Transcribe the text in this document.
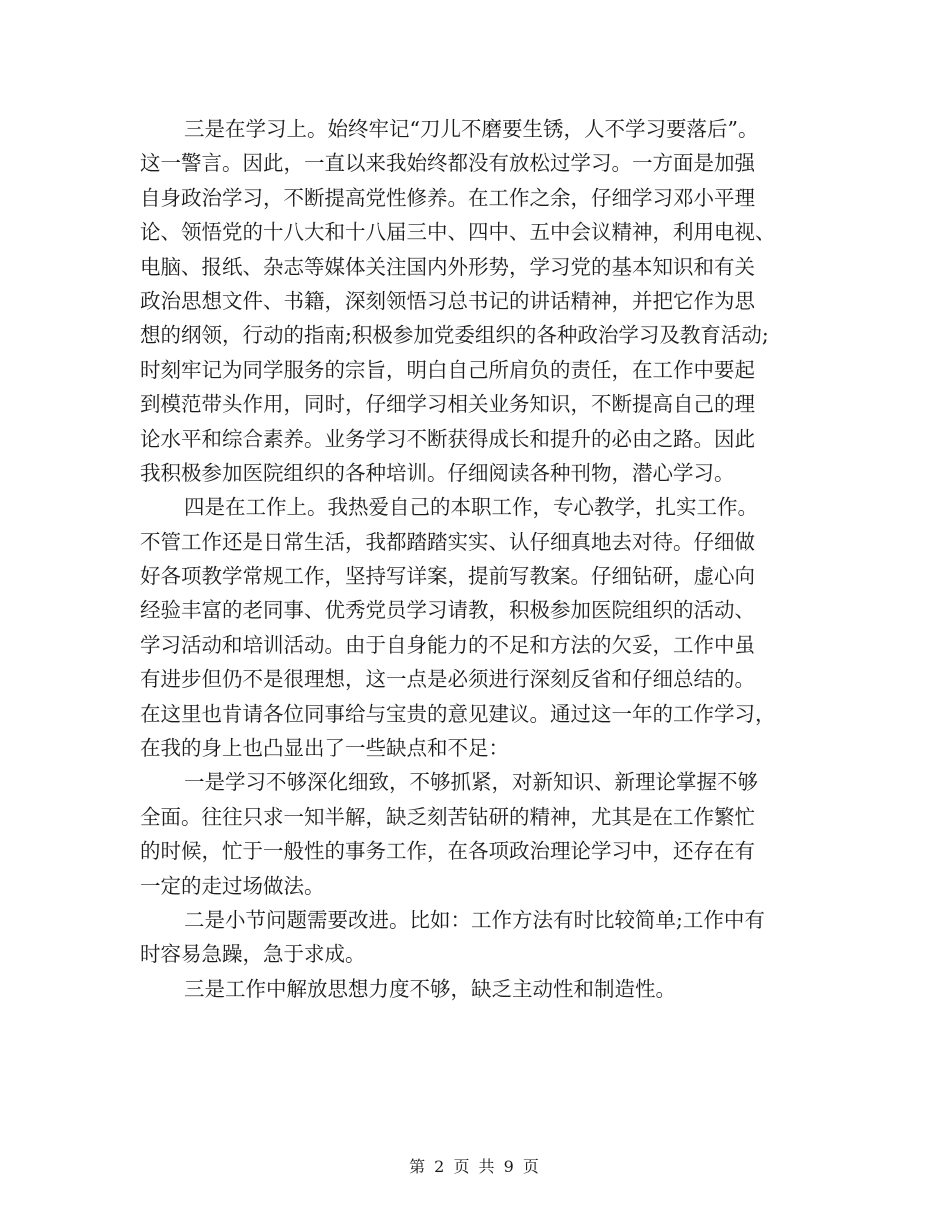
三是在学习上。始终牢记“刀儿不磨要生锈，人不学习要落后”。
这一警言。因此，一直以来我始终都没有放松过学习。一方面是加强
自身政治学习，不断提高党性修养。在工作之余，仔细学习邓小平理
论、领悟党的十八大和十八届三中、四中、五中会议精神，利用电视、
电脑、报纸、杂志等媒体关注国内外形势，学习党的基本知识和有关
政治思想文件、书籍，深刻领悟习总书记的讲话精神，并把它作为思
想的纲领，行动的指南;积极参加党委组织的各种政治学习及教育活动;
时刻牢记为同学服务的宗旨，明白自己所肩负的责任，在工作中要起
到模范带头作用，同时，仔细学习相关业务知识，不断提高自己的理
论水平和综合素养。业务学习不断获得成长和提升的必由之路。因此
我积极参加医院组织的各种培训。仔细阅读各种刊物，潜心学习。
四是在工作上。我热爱自己的本职工作，专心教学，扎实工作。
不管工作还是日常生活，我都踏踏实实、认仔细真地去对待。仔细做
好各项教学常规工作，坚持写详案，提前写教案。仔细钻研，虚心向
经验丰富的老同事、优秀党员学习请教，积极参加医院组织的活动、
学习活动和培训活动。由于自身能力的不足和方法的欠妥，工作中虽
有进步但仍不是很理想，这一点是必须进行深刻反省和仔细总结的。
在这里也肯请各位同事给与宝贵的意见建议。通过这一年的工作学习，
在我的身上也凸显出了一些缺点和不足：
一是学习不够深化细致，不够抓紧，对新知识、新理论掌握不够
全面。往往只求一知半解，缺乏刻苦钻研的精神，尤其是在工作繁忙
的时候，忙于一般性的事务工作，在各项政治理论学习中，还存在有
一定的走过场做法。
二是小节问题需要改进。比如：工作方法有时比较简单;工作中有
时容易急躁，急于求成。
三是工作中解放思想力度不够，缺乏主动性和制造性。
第 2 页 共 9 页
